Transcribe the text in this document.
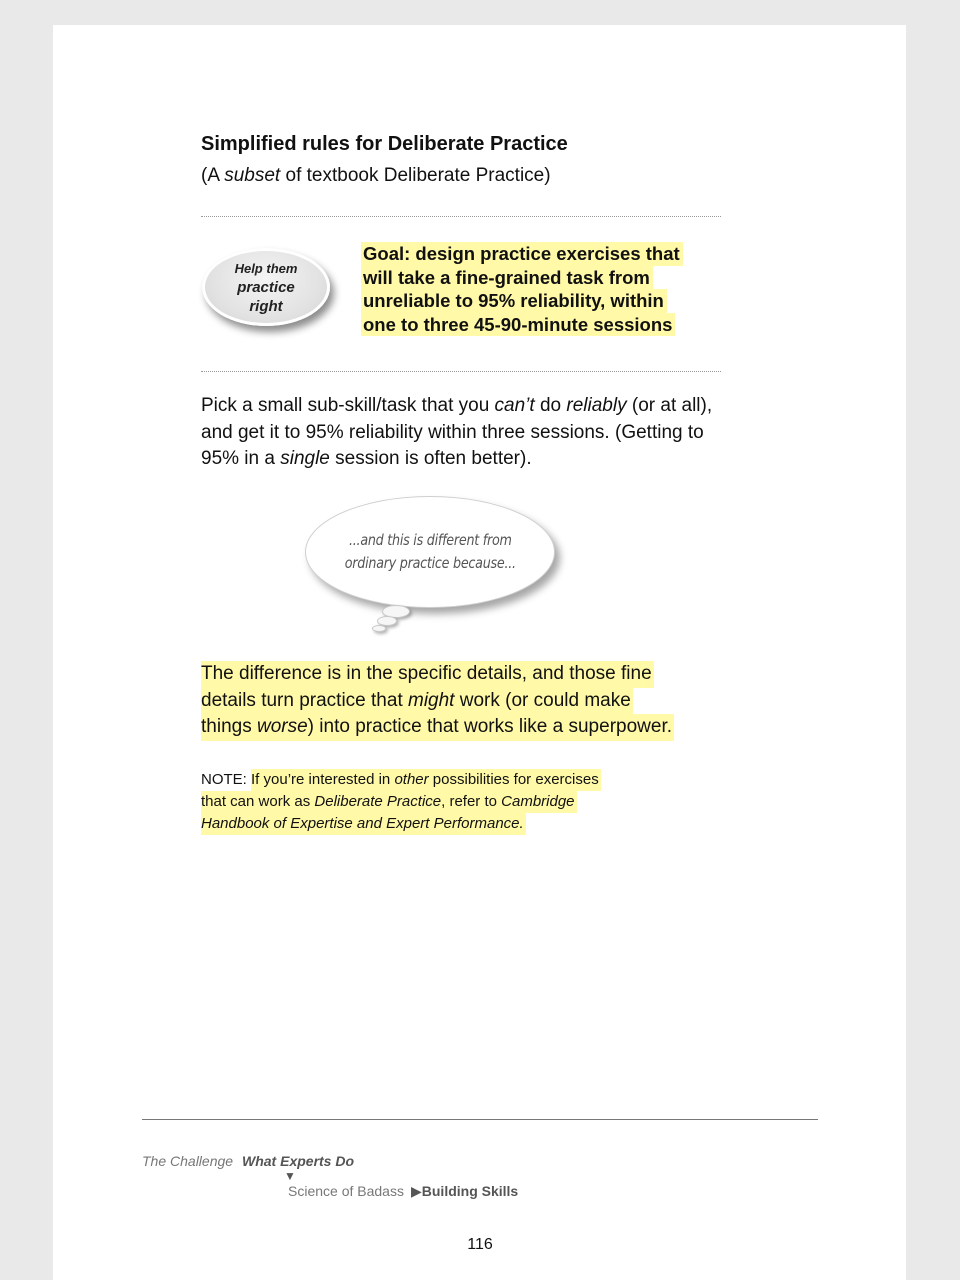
Simplified rules for Deliberate Practice
(A subset of textbook Deliberate Practice)
Help them
practice
right
Goal: design practice exercises that
will take a fine-grained task from
unreliable to 95% reliability, within
one to three 45-90-minute sessions
Pick a small sub-skill/task that you can’t do reliably (or at all), and get it to 95% reliability within three sessions. (Getting to 95% in a single session is often better).
...and this is different from
ordinary practice because...
The difference is in the specific details, and those fine
details turn practice that might work (or could make
things worse) into practice that works like a superpower.
NOTE: If you’re interested in other possibilities for exercises
that can work as Deliberate Practice, refer to Cambridge
Handbook of Expertise and Expert Performance.
The Challenge What Experts Do
▼
Science of Badass ▶Building Skills
116
